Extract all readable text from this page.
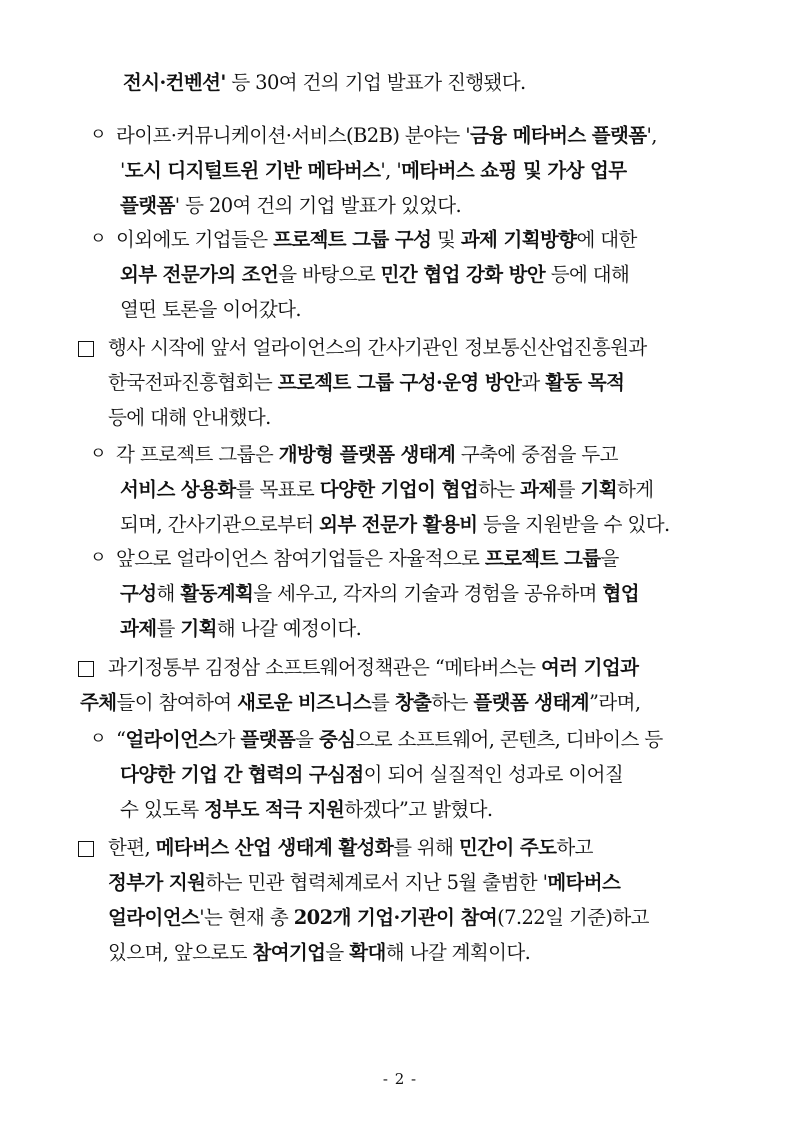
전시·컨벤션' 등 30여 건의 기업 발표가 진행됐다.
ㅇ 라이프·커뮤니케이션·서비스(B2B) 분야는 '금융 메타버스 플랫폼',
'도시 디지털트윈 기반 메타버스', '메타버스 쇼핑 및 가상 업무
플랫폼' 등 20여 건의 기업 발표가 있었다.
ㅇ 이외에도 기업들은 프로젝트 그룹 구성 및 과제 기획방향에 대한
외부 전문가의 조언을 바탕으로 민간 협업 강화 방안 등에 대해
열띤 토론을 이어갔다.
행사 시작에 앞서 얼라이언스의 간사기관인 정보통신산업진흥원과
한국전파진흥협회는 프로젝트 그룹 구성·운영 방안과 활동 목적
등에 대해 안내했다.
ㅇ 각 프로젝트 그룹은 개방형 플랫폼 생태계 구축에 중점을 두고
서비스 상용화를 목표로 다양한 기업이 협업하는 과제를 기획하게
되며, 간사기관으로부터 외부 전문가 활용비 등을 지원받을 수 있다.
ㅇ 앞으로 얼라이언스 참여기업들은 자율적으로 프로젝트 그룹을
구성해 활동계획을 세우고, 각자의 기술과 경험을 공유하며 협업
과제를 기획해 나갈 예정이다.
과기정통부 김정삼 소프트웨어정책관은 “메타버스는 여러 기업과
주체들이 참여하여 새로운 비즈니스를 창출하는 플랫폼 생태계”라며,
ㅇ “얼라이언스가 플랫폼을 중심으로 소프트웨어, 콘텐츠, 디바이스 등
다양한 기업 간 협력의 구심점이 되어 실질적인 성과로 이어질
수 있도록 정부도 적극 지원하겠다”고 밝혔다.
한편, 메타버스 산업 생태계 활성화를 위해 민간이 주도하고
정부가 지원하는 민관 협력체계로서 지난 5월 출범한 '메타버스
얼라이언스'는 현재 총 202개 기업·기관이 참여(7.22일 기준)하고
있으며, 앞으로도 참여기업을 확대해 나갈 계획이다.
- 2 -
